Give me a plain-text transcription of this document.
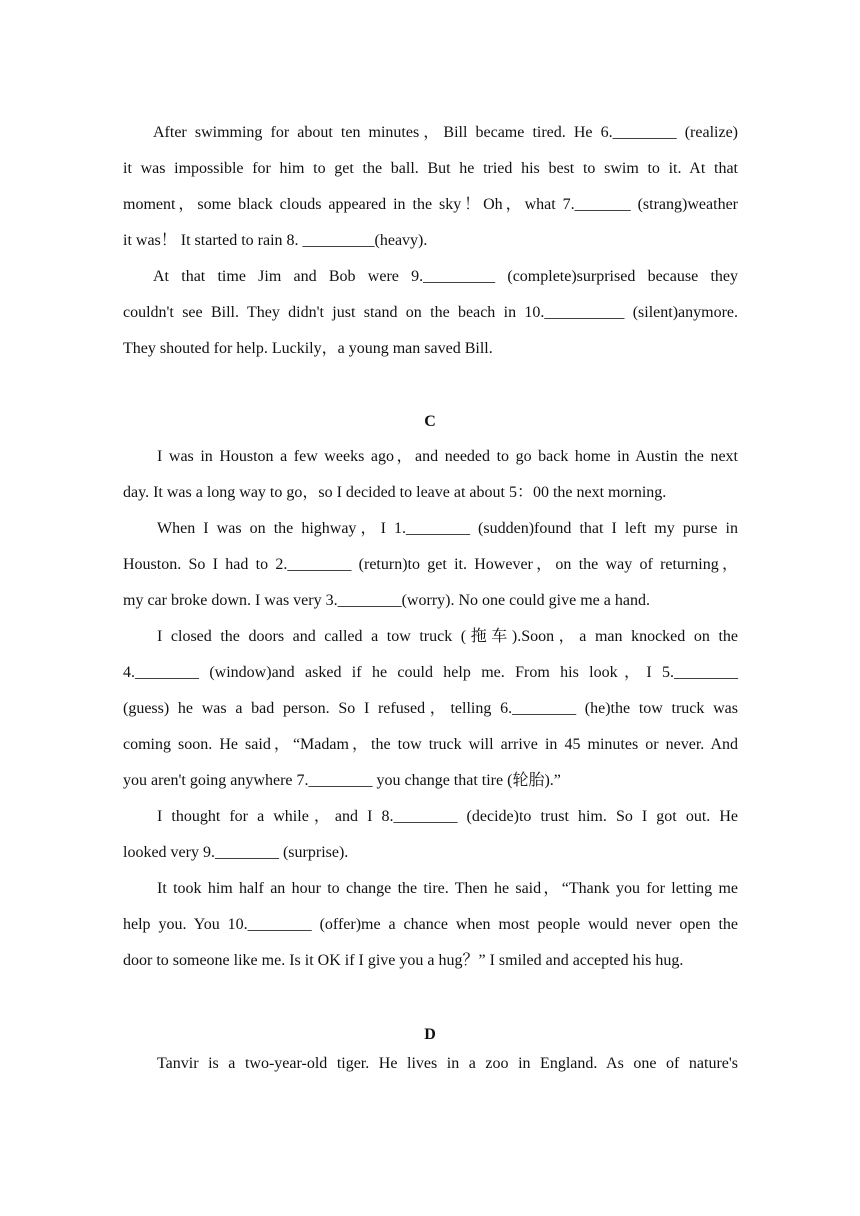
After swimming for about ten minutes，Bill became tired. He 6.________ (realize)
it was impossible for him to get the ball. But he tried his best to swim to it. At that
moment，some black clouds appeared in the sky！Oh，what 7._______ (strang)weather
it was！ It started to rain 8. _________(heavy).
At that time Jim and Bob were 9._________ (complete)surprised because they
couldn't see Bill. They didn't just stand on the beach in 10.__________ (silent)anymore.
They shouted for help. Luckily，a young man saved Bill.
C
I was in Houston a few weeks ago，and needed to go back home in Austin the next
day. It was a long way to go，so I decided to leave at about 5：00 the next morning.
When I was on the highway，I 1.________ (sudden)found that I left my purse in
Houston. So I had to 2.________ (return)to get it. However，on the way of returning，
my car broke down. I was very 3.________(worry). No one could give me a hand.
I closed the doors and called a tow truck (拖车).Soon，a man knocked on the
4.________ (window)and asked if he could help me. From his look，I 5.________
(guess) he was a bad person. So I refused，telling 6.________ (he)the tow truck was
coming soon. He said，“Madam，the tow truck will arrive in 45 minutes or never. And
you aren't going anywhere 7.________ you change that tire (轮胎).”
I thought for a while，and I 8.________ (decide)to trust him. So I got out. He
looked very 9.________ (surprise).
It took him half an hour to change the tire. Then he said，“Thank you for letting me
help you. You 10.________ (offer)me a chance when most people would never open the
door to someone like me. Is it OK if I give you a hug？” I smiled and accepted his hug.
D
Tanvir is a two-year-old tiger. He lives in a zoo in England. As one of nature's
